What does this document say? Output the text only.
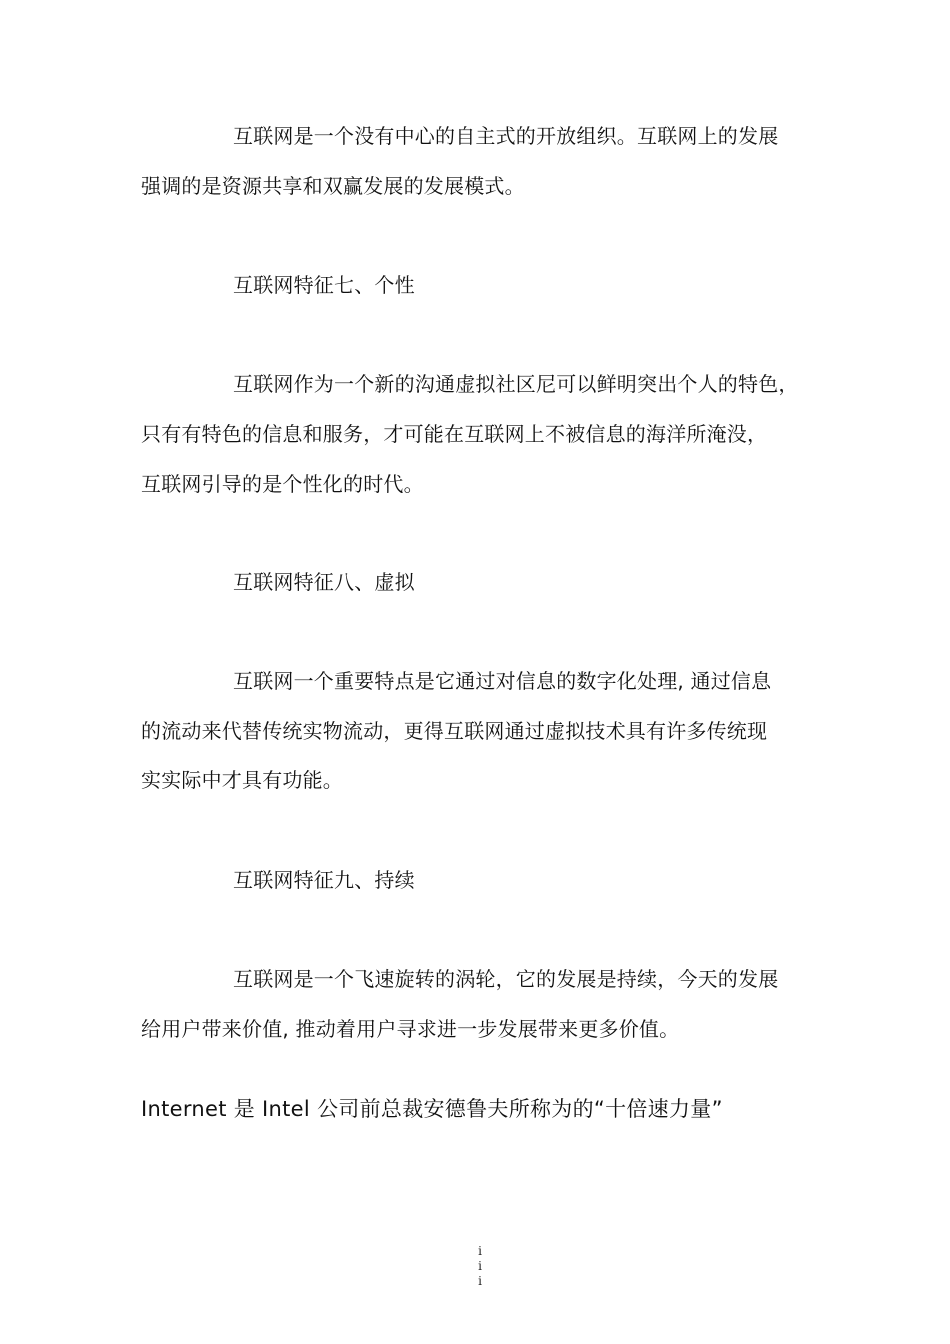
互联网是一个没有中心的自主式的开放组织。互联网上的发展
强调的是资源共享和双赢发展的发展模式。
互联网特征七、个性
互联网作为一个新的沟通虚拟社区尼可以鲜明突出个人的特色，
只有有特色的信息和服务，才可能在互联网上不被信息的海洋所淹没，
互联网引导的是个性化的时代。
互联网特征八、虚拟
互联网一个重要特点是它通过对信息的数字化处理, 通过信息
的流动来代替传统实物流动，更得互联网通过虚拟技术具有许多传统现
实实际中才具有功能。
互联网特征九、持续
互联网是一个飞速旋转的涡轮，它的发展是持续，今天的发展
给用户带来价值, 推动着用户寻求进一步发展带来更多价值。
Internet 是 Intel 公司前总裁安德鲁夫所称为的“十倍速力量”
i
i
i
